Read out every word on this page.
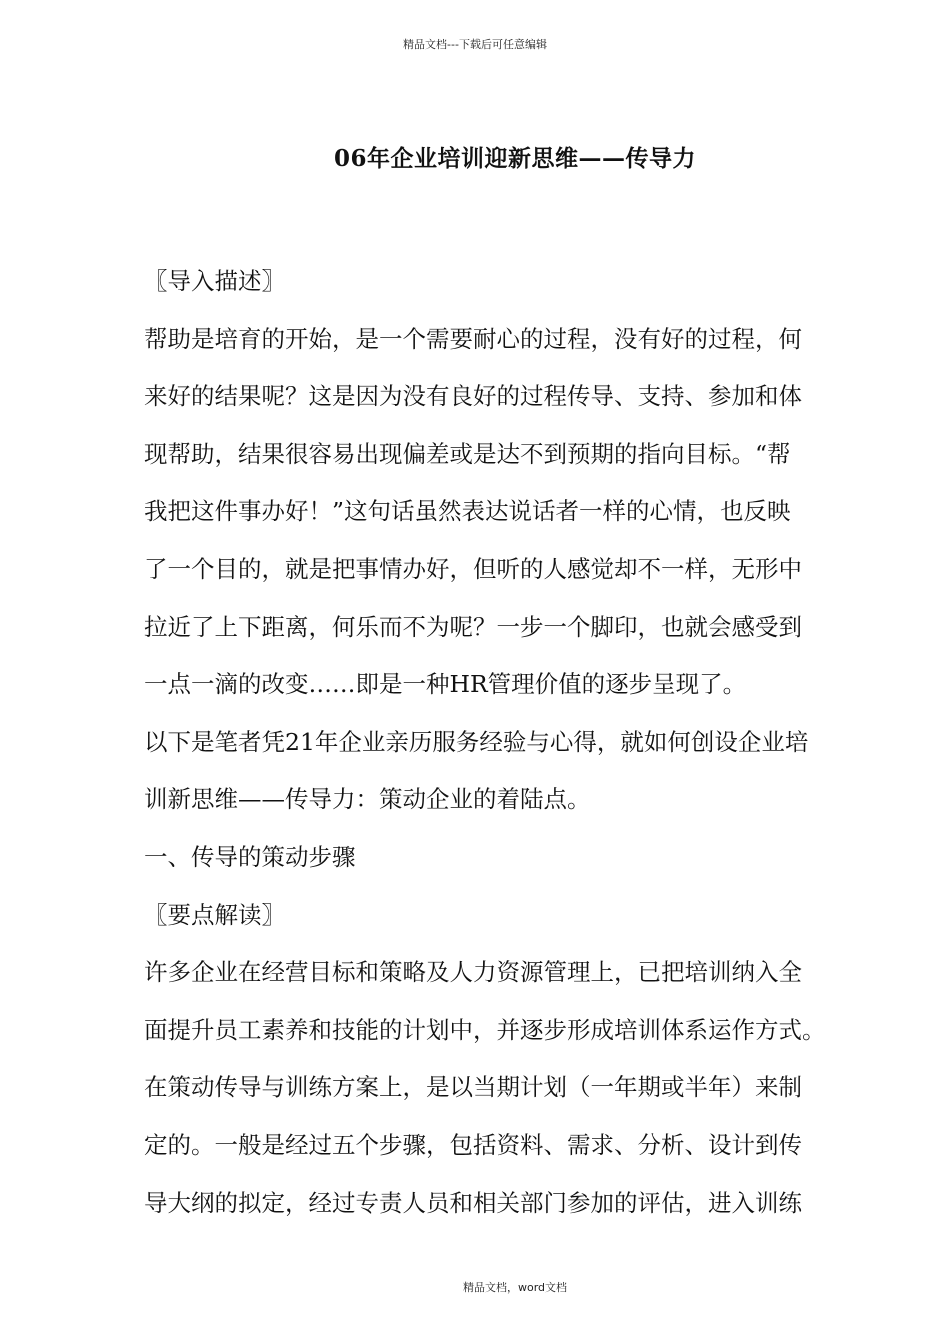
精品文档---下载后可任意编辑
06年企业培训迎新思维——传导力
〖导入描述〗
帮助是培育的开始，是一个需要耐心的过程，没有好的过程，何
来好的结果呢？这是因为没有良好的过程传导、支持、参加和体
现帮助，结果很容易出现偏差或是达不到预期的指向目标。“帮
我把这件事办好！”这句话虽然表达说话者一样的心情，也反映
了一个目的，就是把事情办好，但听的人感觉却不一样，无形中
拉近了上下距离，何乐而不为呢？一步一个脚印，也就会感受到
一点一滴的改变……即是一种HR管理价值的逐步呈现了。
以下是笔者凭21年企业亲历服务经验与心得，就如何创设企业培
训新思维——传导力：策动企业的着陆点。
一、传导的策动步骤
〖要点解读〗
许多企业在经营目标和策略及人力资源管理上，已把培训纳入全
面提升员工素养和技能的计划中，并逐步形成培训体系运作方式。
在策动传导与训练方案上，是以当期计划（一年期或半年）来制
定的。一般是经过五个步骤，包括资料、需求、分析、设计到传
导大纲的拟定，经过专责人员和相关部门参加的评估，进入训练
精品文档，word文档
